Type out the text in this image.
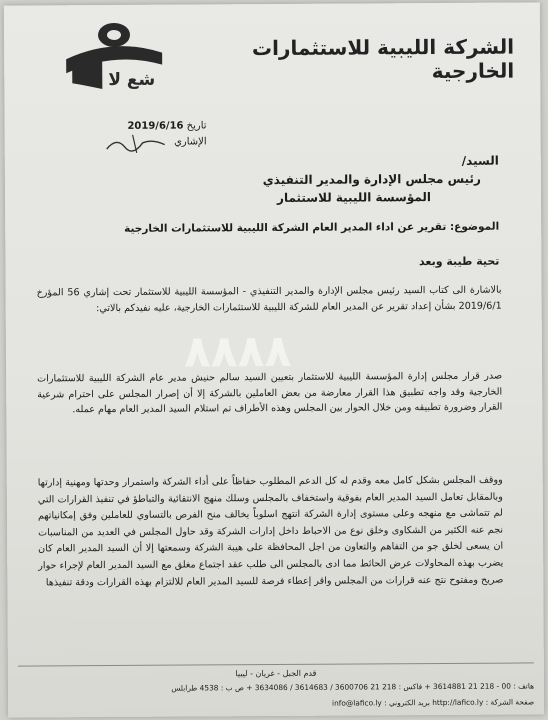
شع لا
الشركة الليبية للاستثمارات الخارجية
تاريخ 2019/6/16
الإشاري
السيد/
رئيس مجلس الإدارة والمدير التنفيذي
المؤسسة الليبية للاستثمار
الموضوع: تقرير عن اداء المدير العام الشركة الليبية للاستثمارات الخارجية
تحية طيبة وبعد
بالاشارة الى كتاب السيد رئيس مجلس الإدارة والمدير التنفيذي - المؤسسة الليبية للاستثمار تحت إشاري 56 المؤرخ 2019/6/1 بشأن إعداد تقرير عن المدير العام للشركة الليبية للاستثمارات الخارجية، عليه نفيدكم بالاتي:
صدر قرار مجلس إدارة المؤسسة الليبية للاستثمار بتعيين السيد سالم حنيش مدير عام الشركة الليبية للاستثمارات الخارجية وقد واجه تطبيق هذا القرار معارضة من بعض العاملين بالشركة إلا أن إصرار المجلس على احترام شرعية القرار وضرورة تطبيقه ومن خلال الحوار بين المجلس وهذه الأطراف تم استلام السيد المدير العام مهام عمله.
ووقف المجلس بشكل كامل معه وقدم له كل الدعم المطلوب حفاظاً على أداء الشركة واستمرار وحدتها ومهنية إدارتها وبالمقابل تعامل السيد المدير العام بفوقية واستخفاف بالمجلس وسلك منهج الانتقائية والتباطؤ في تنفيذ القرارات التي لم تتماشى مع منهجه وعلى مستوى إدارة الشركة انتهج اسلوباً يخالف منح الفرص بالتساوي للعاملين وفق إمكانياتهم نجم عنه الكثير من الشكاوى وخلق نوع من الاحباط داخل إدارات الشركة وقد حاول المجلس في العديد من المناسبات ان يسعى لخلق جو من التفاهم والتعاون من اجل المحافظة على هيبة الشركة وسمعتها إلا أن السيد المدير العام كان يضرب بهذه المحاولات عرض الحائط مما ادى بالمجلس الى طلب عقد اجتماع مغلق مع السيد المدير العام لإجراء حوار صريح ومفتوح نتج عنه قرارات من المجلس واقر إعطاء فرصة للسيد المدير العام للالتزام بهذه القرارات ودقة تنفيذها
۸۸۸۸
قدم الجبل - غريان - ليبيا
هاتف : 00 - 218 21 3614881 + فاكس : 218 21 3600706 / 3614683 / 3634086 + ص ب : 4538 طرابلس
صفحة الشركة : http://lafico.ly بريد الكتروني : info@lafico.ly
